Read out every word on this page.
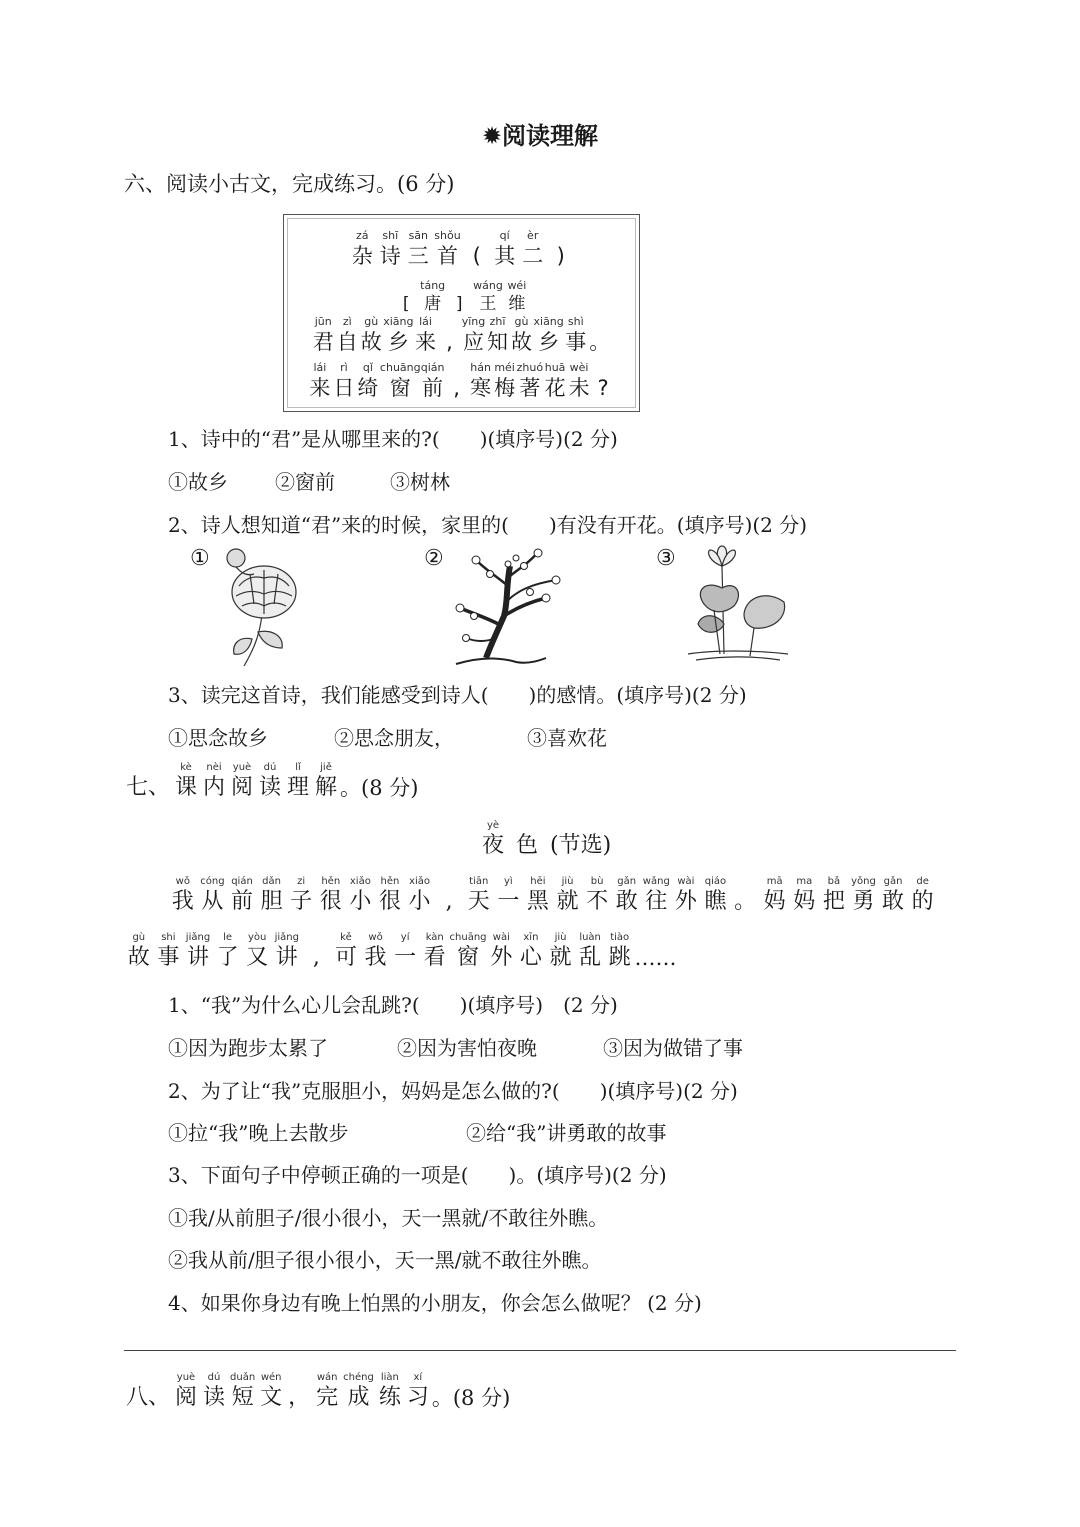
✹阅读理解
六、阅读小古文，完成练习。(6 分)
zá
杂
shī
诗
sān
三
shǒu
首
(
qí
其
èr
二
)

[
táng
唐
]
wáng
王
wéi
维
jūn
君
zì
自
gù
故
xiāng
乡
lái
来
,
yīng
应
zhī
知
gù
故
xiāng
乡
shì
事
。
lái
来
rì
日
qǐ
绮
chuāng
窗
qián
前
,
hán
寒
méi
梅
zhuó
著
huā
花
wèi
未
?
1、诗中的“君”是从哪里来的?(　　)(填序号)(2 分)
①故乡 ②窗前	③树林
2、诗人想知道“君”来的时候，家里的(　　)有没有开花。(填序号)(2 分)
①	②	③
3、读完这首诗，我们能感受到诗人(　　)的感情。(填序号)(2 分)
①思念故乡	②思念朋友，	③喜欢花

七、
kè
课
nèi
内
yuè
阅
dú
读
lǐ
理
jiě
解 。(8 分)
yè
夜
色
(节选)
wǒ
我
cóng
从
qián
前
dǎn
胆
zi
子
hěn
很
xiǎo
小
hěn
很
xiǎo
小
,
tiān
天
yì
一
hēi
黑
jiù
就
bù
不
gǎn
敢
wǎng
往
wài
外
qiáo
瞧
。
mā
妈
ma
妈
bǎ
把
yǒng
勇
gǎn
敢
de
的
gù
故
shi
事
jiǎng
讲
le
了
yòu
又
jiǎng
讲
,
kě
可
wǒ
我
yí
一
kàn
看
chuāng
窗
wài
外
xīn
心
jiù
就
luàn
乱
tiào
跳 ……
1、“我”为什么心儿会乱跳?(　　)(填序号)　(2 分)
①因为跑步太累了	②因为害怕夜晚	③因为做错了事
2、为了让“我”克服胆小，妈妈是怎么做的?(　　)(填序号)(2 分)
①拉“我”晚上去散步	②给“我”讲勇敢的故事
3、下面句子中停顿正确的一项是(　　)。(填序号)(2 分)
①我/从前胆子/很小很小，天一黑就/不敢往外瞧。
②我从前/胆子很小很小，天一黑/就不敢往外瞧。
4、如果你身边有晚上怕黑的小朋友，你会怎么做呢？ (2 分)

八、
yuè
阅
dú
读
duǎn
短
wén
文
，
wán
完
chéng
成
liàn
练
xí
习 。(8 分)
